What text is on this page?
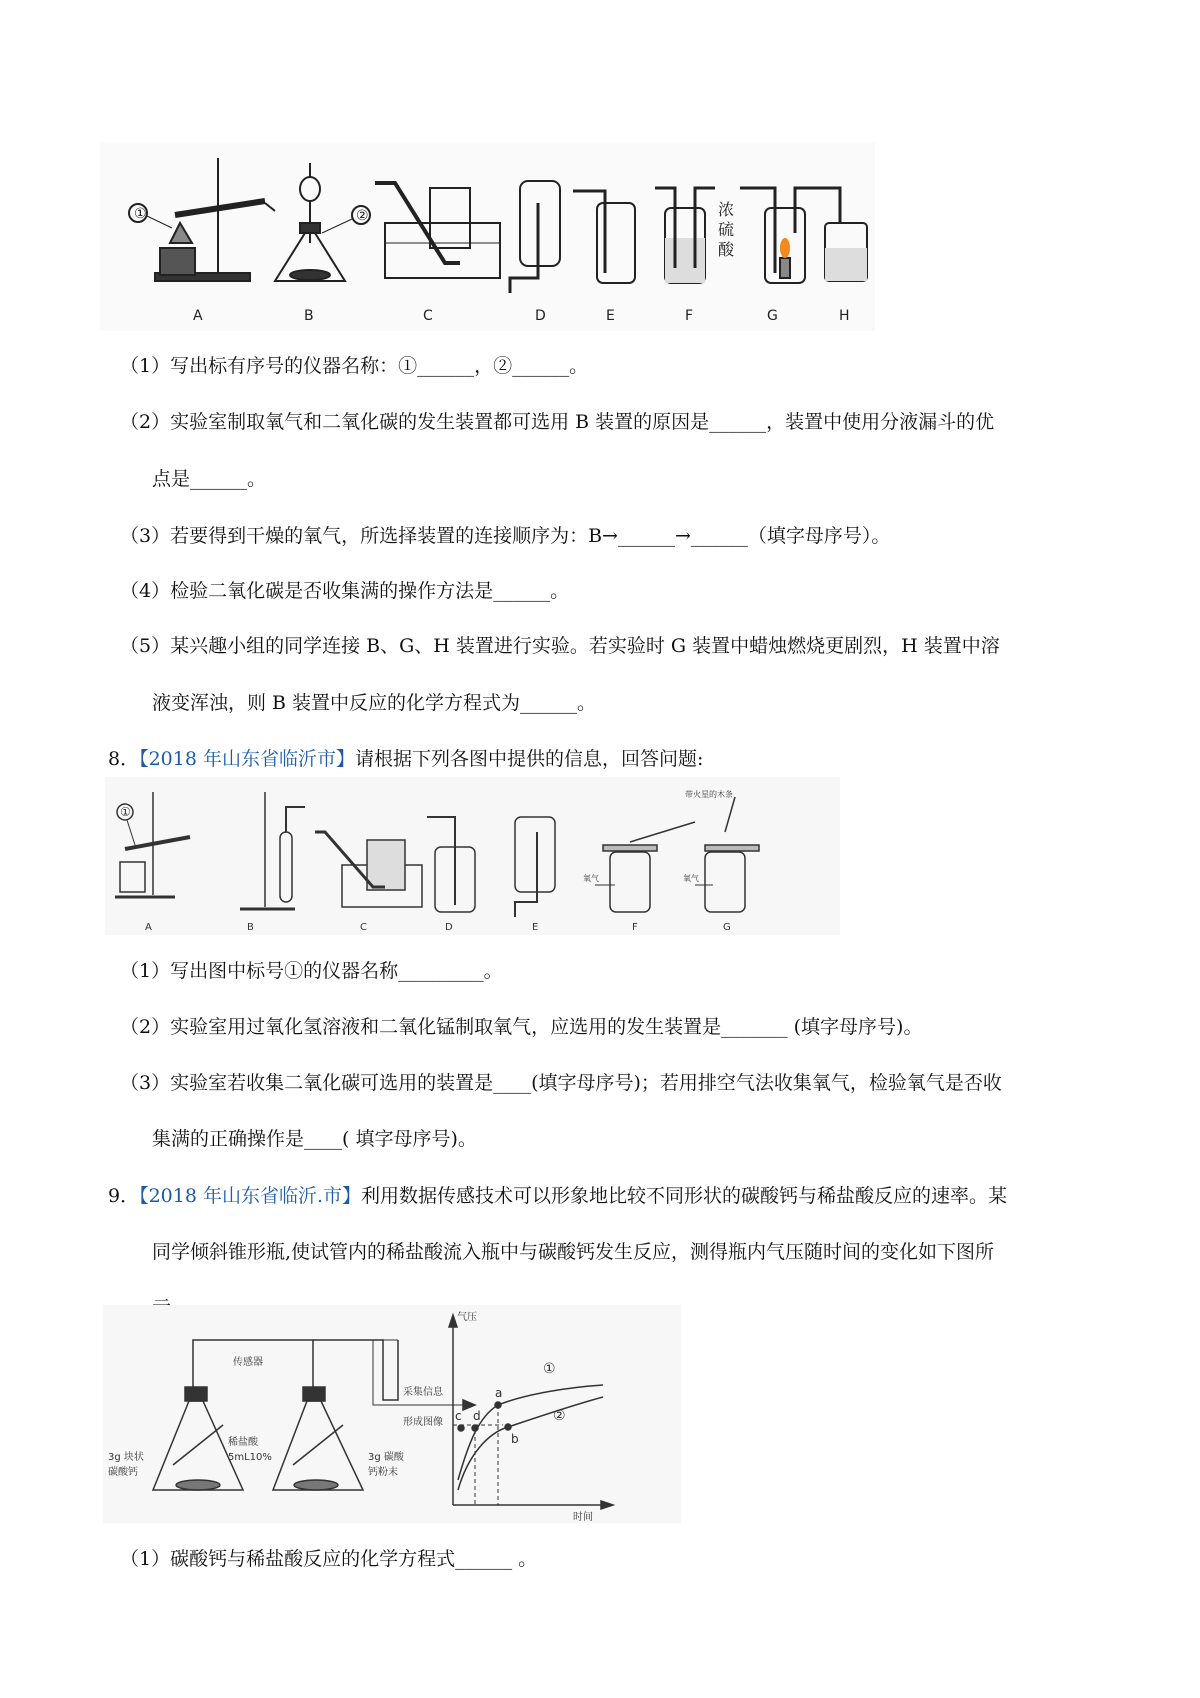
①	②	浓
硫
酸
A	B	C	D	E	F	G	H
（1）写出标有序号的仪器名称：①______，②______。
（2）实验室制取氧气和二氧化碳的发生装置都可选用 B 装置的原因是______，装置中使用分液漏斗的优
点是______。
（3）若要得到干燥的氧气，所选择装置的连接顺序为：B→______→______（填字母序号）。
（4）检验二氧化碳是否收集满的操作方法是______。
（5）某兴趣小组的同学连接 B、G、H 装置进行实验。若实验时 G 装置中蜡烛燃烧更剧烈，H 装置中溶
液变浑浊，则 B 装置中反应的化学方程式为______。
8．【2018 年山东省临沂市】请根据下列各图中提供的信息，回答问题:
①
带火星的木条
氧气	氧气
A	B	C	D	E	F	G
（1）写出图中标号①的仪器名称_________。
（2）实验室用过氧化氢溶液和二氧化锰制取氧气，应选用的发生装置是_______ (填字母序号)。
（3）实验室若收集二氧化碳可选用的装置是____(填字母序号)；若用排空气法收集氧气，检验氧气是否收
集满的正确操作是____( 填字母序号)。
9．【2018 年山东省临沂.市】利用数据传感技术可以形象地比较不同形状的碳酸钙与稀盐酸反应的速率。某
同学倾斜锥形瓶,使试管内的稀盐酸流入瓶中与碳酸钙发生反应，测得瓶内气压随时间的变化如下图所
传感器
采集信息
形成图像
3g 块状
碳酸钙
稀盐酸
5mL10%	3g 碳酸
钙粉末
气压
时间
①
②
a
b
c d
（1）碳酸钙与稀盐酸反应的化学方程式______ 。
